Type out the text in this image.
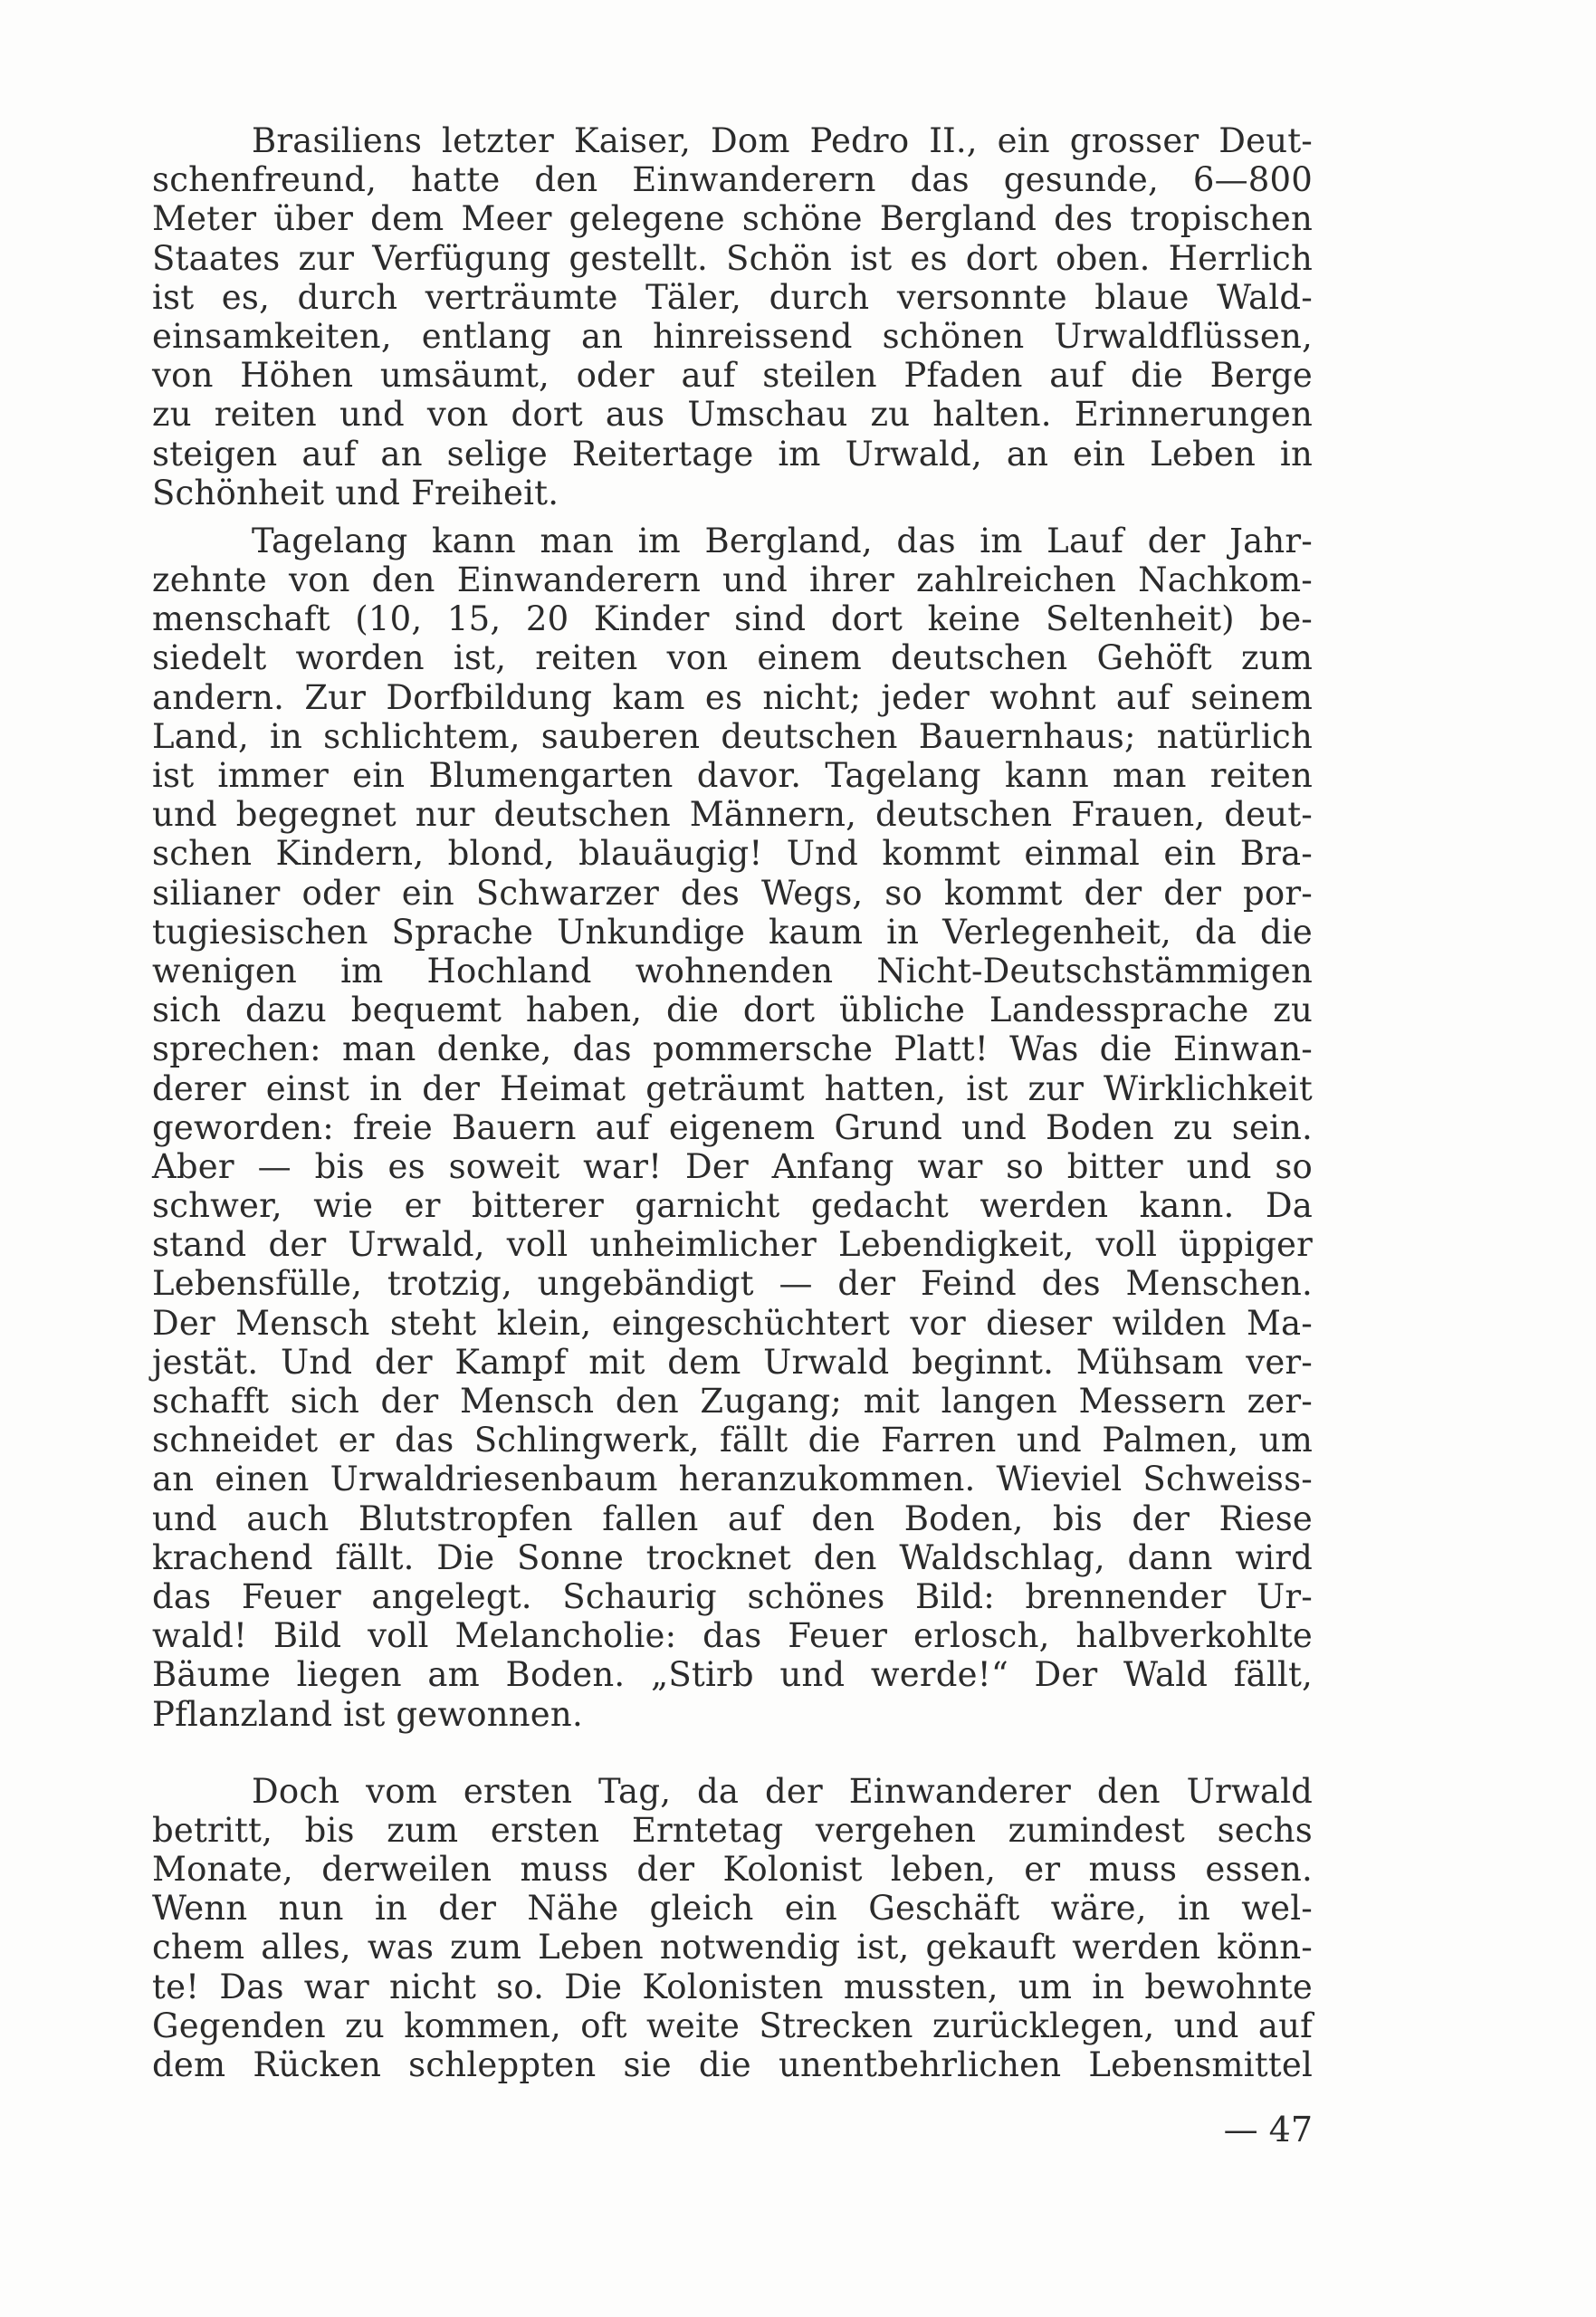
Brasiliens letzter Kaiser, Dom Pedro II., ein grosser Deut-
schenfreund, hatte den Einwanderern das gesunde, 6—800
Meter über dem Meer gelegene schöne Bergland des tropischen
Staates zur Verfügung gestellt. Schön ist es dort oben. Herrlich
ist es, durch verträumte Täler, durch versonnte blaue Wald-
einsamkeiten, entlang an hinreissend schönen Urwaldflüssen,
von Höhen umsäumt, oder auf steilen Pfaden auf die Berge
zu reiten und von dort aus Umschau zu halten. Erinnerungen
steigen auf an selige Reitertage im Urwald, an ein Leben in
Schönheit und Freiheit.
Tagelang kann man im Bergland, das im Lauf der Jahr-
zehnte von den Einwanderern und ihrer zahlreichen Nachkom-
menschaft (10, 15, 20 Kinder sind dort keine Seltenheit) be-
siedelt worden ist, reiten von einem deutschen Gehöft zum
andern. Zur Dorfbildung kam es nicht; jeder wohnt auf seinem
Land, in schlichtem, sauberen deutschen Bauernhaus; natürlich
ist immer ein Blumengarten davor. Tagelang kann man reiten
und begegnet nur deutschen Männern, deutschen Frauen, deut-
schen Kindern, blond, blauäugig! Und kommt einmal ein Bra-
silianer oder ein Schwarzer des Wegs, so kommt der der por-
tugiesischen Sprache Unkundige kaum in Verlegenheit, da die
wenigen im Hochland wohnenden Nicht-Deutschstämmigen
sich dazu bequemt haben, die dort übliche Landessprache zu
sprechen: man denke, das pommersche Platt! Was die Einwan-
derer einst in der Heimat geträumt hatten, ist zur Wirklichkeit
geworden: freie Bauern auf eigenem Grund und Boden zu sein.
Aber — bis es soweit war! Der Anfang war so bitter und so
schwer, wie er bitterer garnicht gedacht werden kann. Da
stand der Urwald, voll unheimlicher Lebendigkeit, voll üppiger
Lebensfülle, trotzig, ungebändigt — der Feind des Menschen.
Der Mensch steht klein, eingeschüchtert vor dieser wilden Ma-
jestät. Und der Kampf mit dem Urwald beginnt. Mühsam ver-
schafft sich der Mensch den Zugang; mit langen Messern zer-
schneidet er das Schlingwerk, fällt die Farren und Palmen, um
an einen Urwaldriesenbaum heranzukommen. Wieviel Schweiss-
und auch Blutstropfen fallen auf den Boden, bis der Riese
krachend fällt. Die Sonne trocknet den Waldschlag, dann wird
das Feuer angelegt. Schaurig schönes Bild: brennender Ur-
wald! Bild voll Melancholie: das Feuer erlosch, halbverkohlte
Bäume liegen am Boden. „Stirb und werde!“ Der Wald fällt,
Pflanzland ist gewonnen.
Doch vom ersten Tag, da der Einwanderer den Urwald
betritt, bis zum ersten Erntetag vergehen zumindest sechs
Monate, derweilen muss der Kolonist leben, er muss essen.
Wenn nun in der Nähe gleich ein Geschäft wäre, in wel-
chem alles, was zum Leben notwendig ist, gekauft werden könn-
te! Das war nicht so. Die Kolonisten mussten, um in bewohnte
Gegenden zu kommen, oft weite Strecken zurücklegen, und auf
dem Rücken schleppten sie die unentbehrlichen Lebensmittel
— 47
